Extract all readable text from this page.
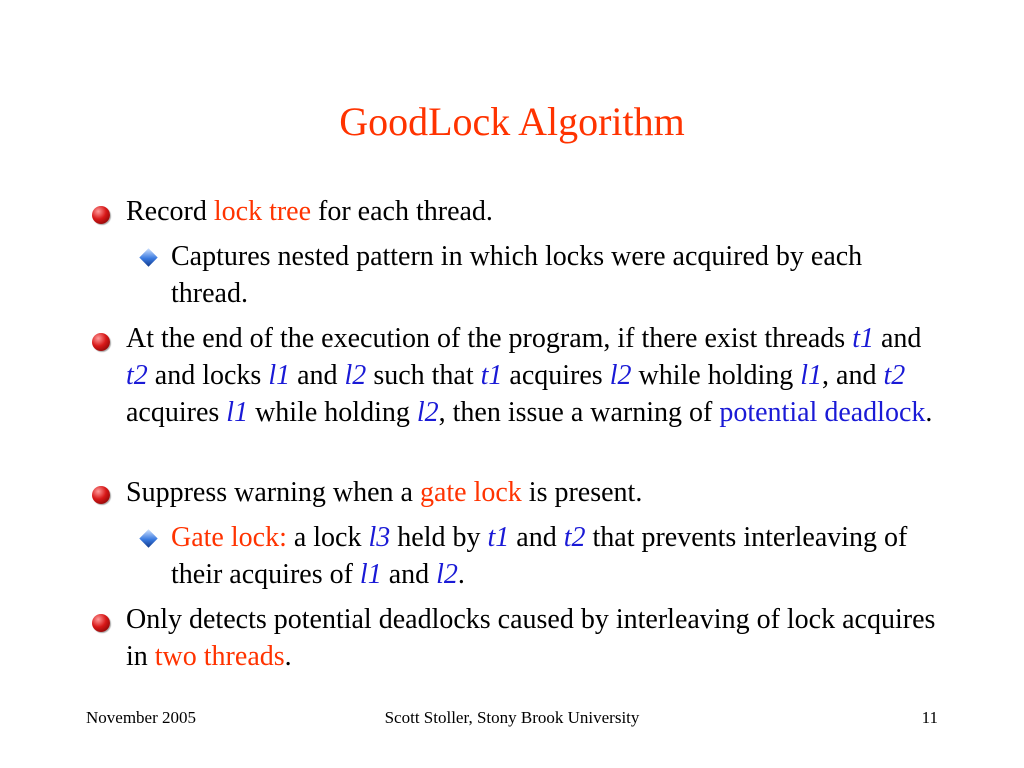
GoodLock Algorithm
Record lock tree for each thread.
Captures nested pattern in which locks were acquired by each thread.
At the end of the execution of the program, if there exist threads t1 and t2 and locks l1 and l2 such that t1 acquires l2 while holding l1, and t2 acquires l1 while holding l2, then issue a warning of potential deadlock.
Suppress warning when a gate lock is present.
Gate lock: a lock l3 held by t1 and t2 that prevents interleaving of their acquires of l1 and l2.
Only detects potential deadlocks caused by interleaving of lock acquires in two threads.
November 2005	Scott Stoller, Stony Brook University	11
